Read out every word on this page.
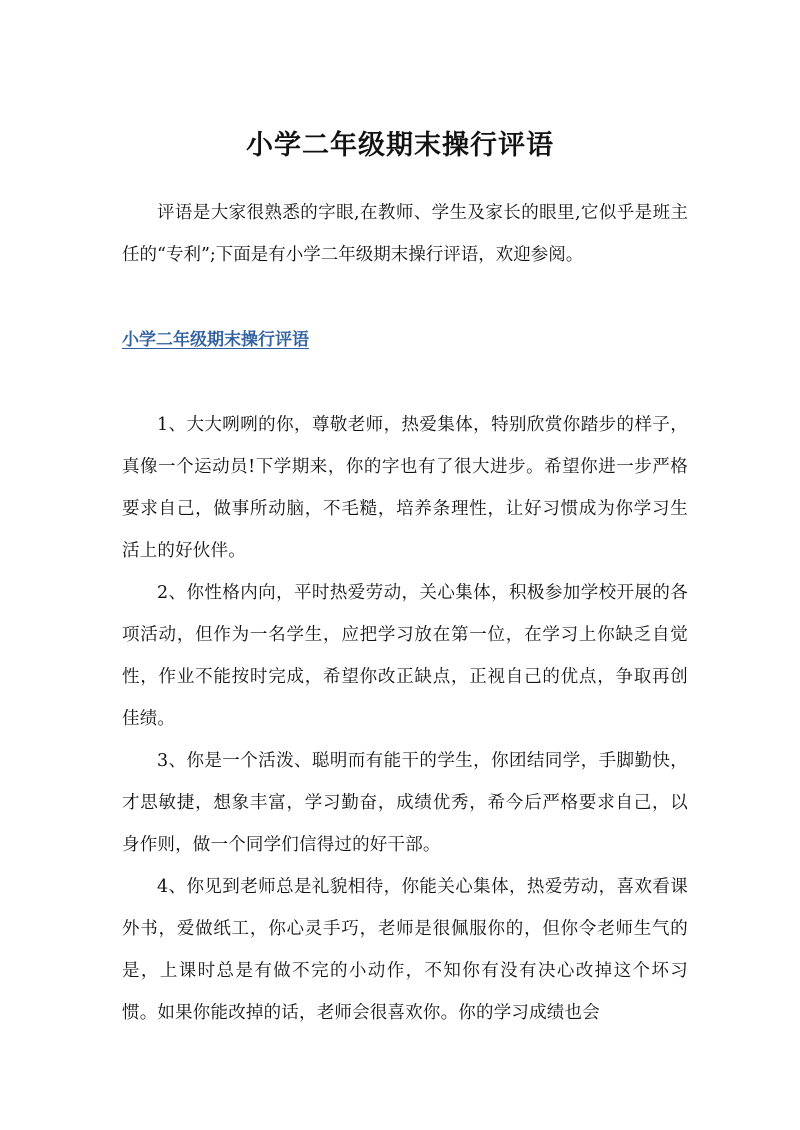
小学二年级期末操行评语

评语是大家很熟悉的字眼,在教师、学生及家长的眼里,它似乎是班主任的“专利”;下面是有小学二年级期末操行评语，欢迎参阅。

小学二年级期末操行评语

1、大大咧咧的你，尊敬老师，热爱集体，特别欣赏你踏步的样子，真像一个运动员!下学期来，你的字也有了很大进步。希望你进一步严格要求自己，做事所动脑，不毛糙，培养条理性，让好习惯成为你学习生活上的好伙伴。

2、你性格内向，平时热爱劳动，关心集体，积极参加学校开展的各项活动，但作为一名学生，应把学习放在第一位，在学习上你缺乏自觉性，作业不能按时完成，希望你改正缺点，正视自己的优点，争取再创佳绩。

3、你是一个活泼、聪明而有能干的学生，你团结同学，手脚勤快，才思敏捷，想象丰富，学习勤奋，成绩优秀，希今后严格要求自己，以身作则，做一个同学们信得过的好干部。

4、你见到老师总是礼貌相待，你能关心集体，热爱劳动，喜欢看课外书，爱做纸工，你心灵手巧，老师是很佩服你的，但你令老师生气的是，上课时总是有做不完的小动作，不知你有没有决心改掉这个坏习惯。如果你能改掉的话，老师会很喜欢你。你的学习成绩也会
